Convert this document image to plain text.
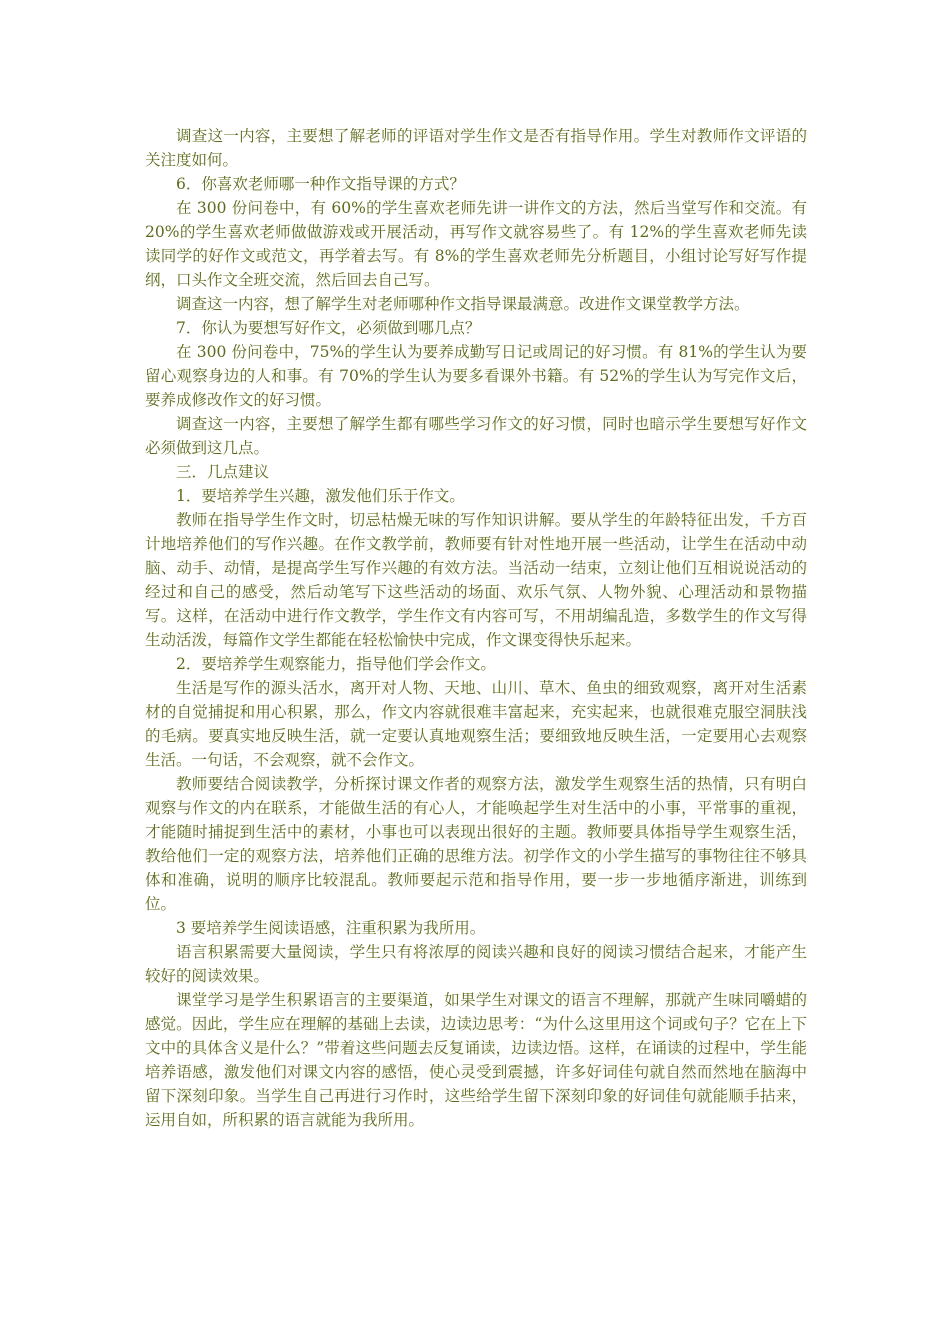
调查这一内容，主要想了解老师的评语对学生作文是否有指导作用。学生对教师作文评语的关注度如何。

6．你喜欢老师哪一种作文指导课的方式？

在 300 份问卷中，有 60%的学生喜欢老师先讲一讲作文的方法，然后当堂写作和交流。有 20%的学生喜欢老师做做游戏或开展活动，再写作文就容易些了。有 12%的学生喜欢老师先读读同学的好作文或范文，再学着去写。有 8%的学生喜欢老师先分析题目，小组讨论写好写作提纲，口头作文全班交流，然后回去自己写。

调查这一内容，想了解学生对老师哪种作文指导课最满意。改进作文课堂教学方法。

7．你认为要想写好作文，必须做到哪几点？

在 300 份问卷中，75%的学生认为要养成勤写日记或周记的好习惯。有 81%的学生认为要留心观察身边的人和事。有 70%的学生认为要多看课外书籍。有 52%的学生认为写完作文后，要养成修改作文的好习惯。

调查这一内容，主要想了解学生都有哪些学习作文的好习惯，同时也暗示学生要想写好作文必须做到这几点。

三．几点建议

1．要培养学生兴趣，激发他们乐于作文。

教师在指导学生作文时，切忌枯燥无味的写作知识讲解。要从学生的年龄特征出发，千方百计地培养他们的写作兴趣。在作文教学前，教师要有针对性地开展一些活动，让学生在活动中动脑、动手、动情，是提高学生写作兴趣的有效方法。当活动一结束，立刻让他们互相说说活动的经过和自己的感受，然后动笔写下这些活动的场面、欢乐气氛、人物外貌、心理活动和景物描写。这样，在活动中进行作文教学，学生作文有内容可写，不用胡编乱造，多数学生的作文写得生动活泼，每篇作文学生都能在轻松愉快中完成，作文课变得快乐起来。

2．要培养学生观察能力，指导他们学会作文。

生活是写作的源头活水，离开对人物、天地、山川、草木、鱼虫的细致观察，离开对生活素材的自觉捕捉和用心积累，那么，作文内容就很难丰富起来，充实起来，也就很难克服空洞肤浅的毛病。要真实地反映生活，就一定要认真地观察生活；要细致地反映生活，一定要用心去观察生活。一句话，不会观察，就不会作文。

教师要结合阅读教学，分析探讨课文作者的观察方法，激发学生观察生活的热情，只有明白观察与作文的内在联系，才能做生活的有心人，才能唤起学生对生活中的小事，平常事的重视，才能随时捕捉到生活中的素材，小事也可以表现出很好的主题。教师要具体指导学生观察生活，教给他们一定的观察方法，培养他们正确的思维方法。初学作文的小学生描写的事物往往不够具体和准确，说明的顺序比较混乱。教师要起示范和指导作用，要一步一步地循序渐进，训练到位。

3 要培养学生阅读语感，注重积累为我所用。

语言积累需要大量阅读，学生只有将浓厚的阅读兴趣和良好的阅读习惯结合起来，才能产生较好的阅读效果。

课堂学习是学生积累语言的主要渠道，如果学生对课文的语言不理解，那就产生味同嚼蜡的感觉。因此，学生应在理解的基础上去读，边读边思考：“为什么这里用这个词或句子？它在上下文中的具体含义是什么？”带着这些问题去反复诵读，边读边悟。这样，在诵读的过程中，学生能培养语感，激发他们对课文内容的感悟，使心灵受到震撼，许多好词佳句就自然而然地在脑海中留下深刻印象。当学生自己再进行习作时，这些给学生留下深刻印象的好词佳句就能顺手拈来，运用自如，所积累的语言就能为我所用。
